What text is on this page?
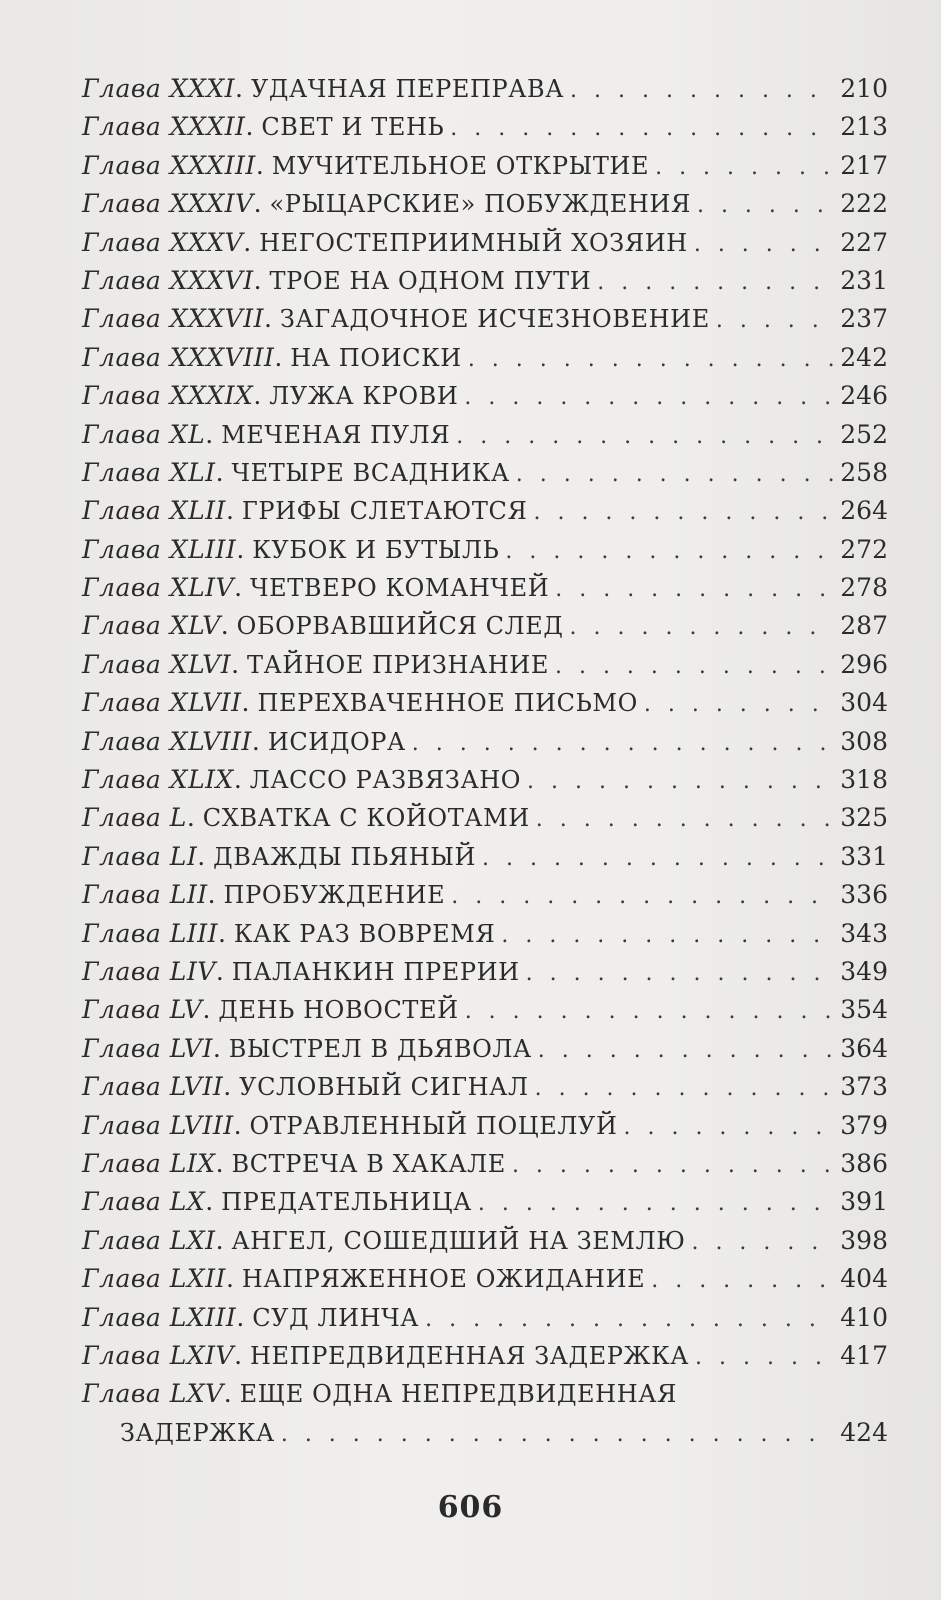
Глава XXXI . УДАЧНАЯ ПЕРЕПРАВА . . .	210
Глава XXXII . СВЕТ И ТЕНЬ . . .	213
Глава XXXIII . МУЧИТЕЛЬНОЕ ОТКРЫТИЕ . . .	217
Глава XXXIV . «РЫЦАРСКИЕ» ПОБУЖДЕНИЯ . . .	222
Глава XXXV . НЕГОСТЕПРИИМНЫЙ ХОЗЯИН . . .	227
Глава XXXVI . ТРОЕ НА ОДНОМ ПУТИ . . .	231
Глава XXXVII . ЗАГАДОЧНОЕ ИСЧЕЗНОВЕНИЕ . . .	237
Глава XXXVIII . НА ПОИСКИ . . .	242
Глава XXXIX . ЛУЖА КРОВИ . . .	246
Глава XL . МЕЧЕНАЯ ПУЛЯ . . .	252
Глава XLI . ЧЕТЫРЕ ВСАДНИКА . . .	258
Глава XLII . ГРИФЫ СЛЕТАЮТСЯ . . .	264
Глава XLIII . КУБОК И БУТЫЛЬ . . .	272
Глава XLIV . ЧЕТВЕРО КОМАНЧЕЙ . . .	278
Глава XLV . ОБОРВАВШИЙСЯ СЛЕД . . .	287
Глава XLVI . ТАЙНОЕ ПРИЗНАНИЕ . . .	296
Глава XLVII . ПЕРЕХВАЧЕННОЕ ПИСЬМО . . .	304
Глава XLVIII . ИСИДОРА . . .	308
Глава XLIX . ЛАССО РАЗВЯЗАНО . . .	318
Глава L . СХВАТКА С КОЙОТАМИ . . .	325
Глава LI . ДВАЖДЫ ПЬЯНЫЙ . . .	331
Глава LII . ПРОБУЖДЕНИЕ . . .	336
Глава LIII . КАК РАЗ ВОВРЕМЯ . . .	343
Глава LIV . ПАЛАНКИН ПРЕРИИ . . .	349
Глава LV . ДЕНЬ НОВОСТЕЙ . . .	354
Глава LVI . ВЫСТРЕЛ В ДЬЯВОЛА . . .	364
Глава LVII . УСЛОВНЫЙ СИГНАЛ . . .	373
Глава LVIII . ОТРАВЛЕННЫЙ ПОЦЕЛУЙ . . .	379
Глава LIX . ВСТРЕЧА В ХАКАЛЕ . . .	386
Глава LX . ПРЕДАТЕЛЬНИЦА . . .	391
Глава LXI . АНГЕЛ, СОШЕДШИЙ НА ЗЕМЛЮ . . .	398
Глава LXII . НАПРЯЖЕННОЕ ОЖИДАНИЕ . . .	404
Глава LXIII . СУД ЛИНЧА . . .	410
Глава LXIV . НЕПРЕДВИДЕННАЯ ЗАДЕРЖКА . . .	417
Глава LXV . ЕЩЕ ОДНА НЕПРЕДВИДЕННАЯ
ЗАДЕРЖКА . . .	424
606
